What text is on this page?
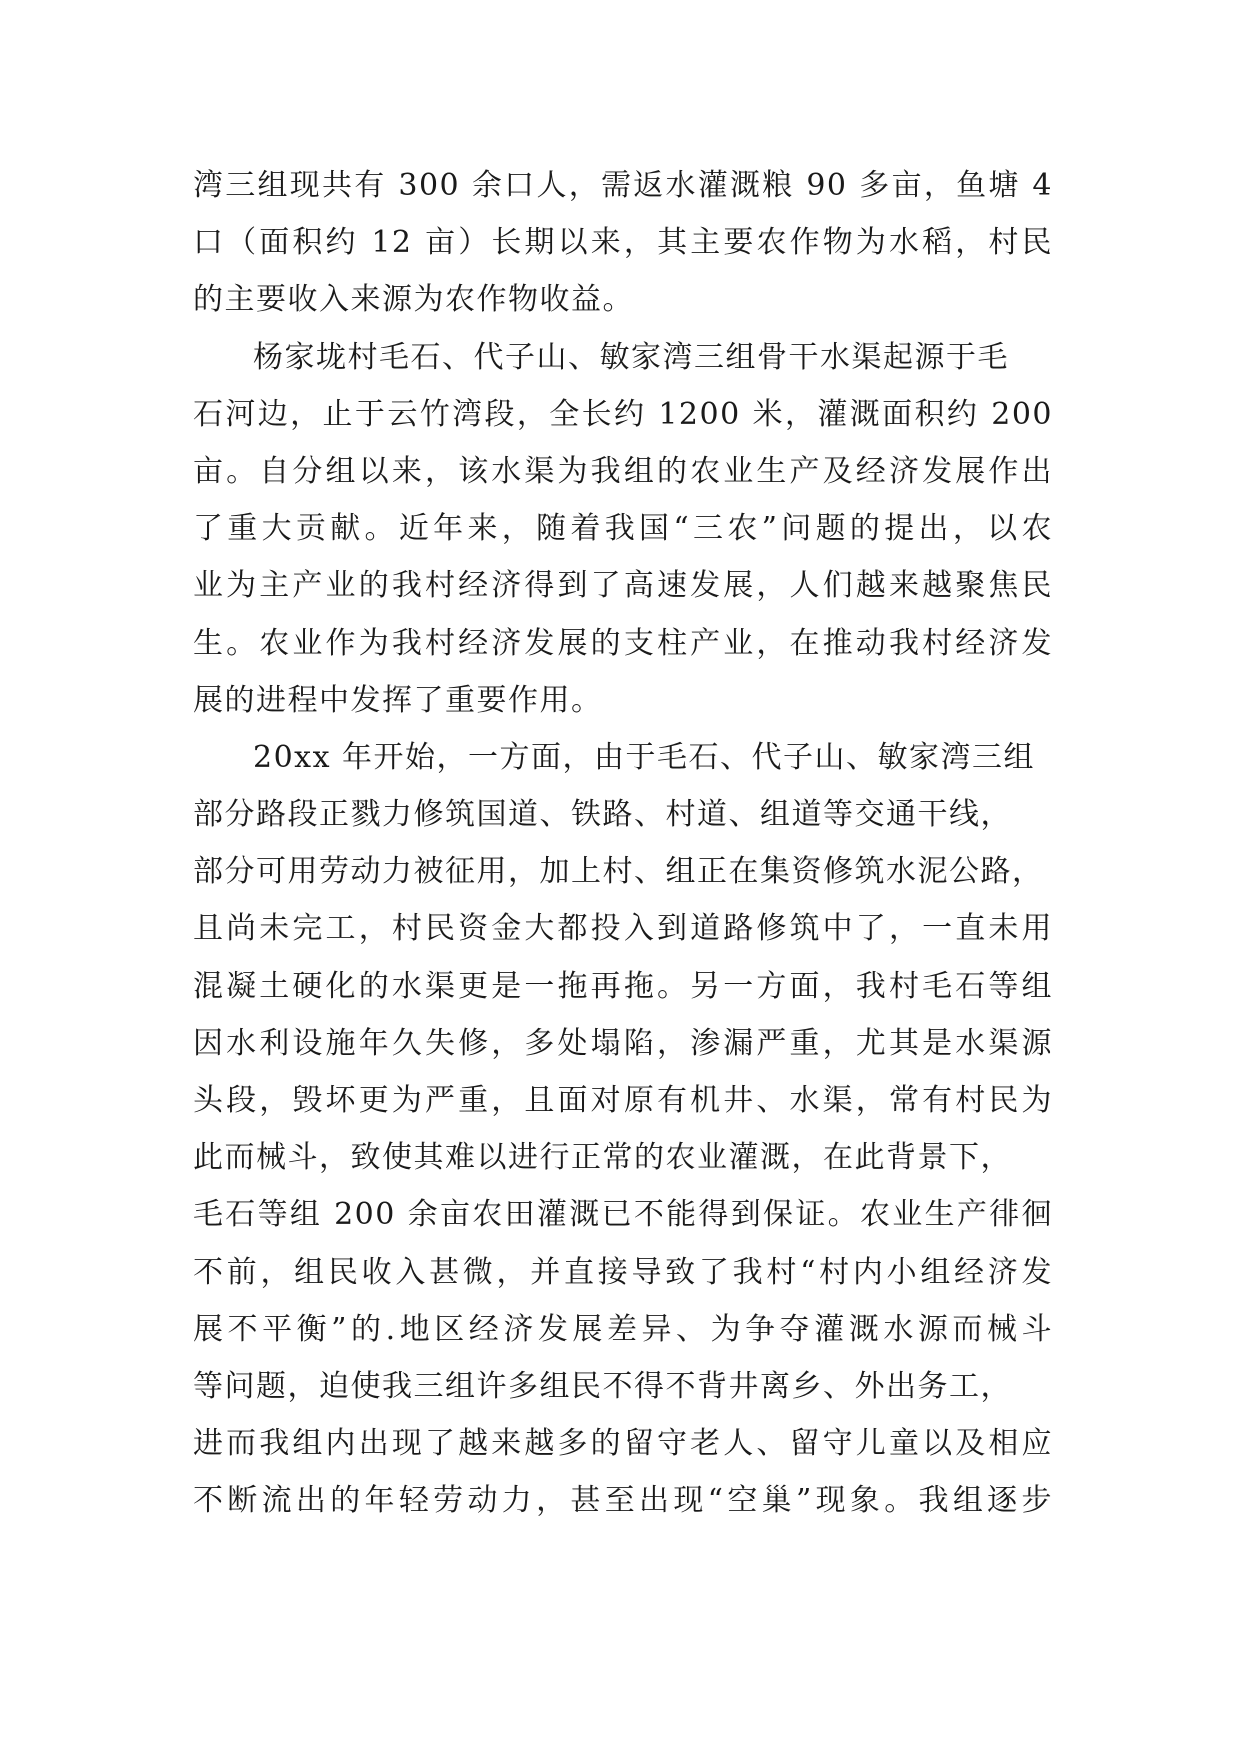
湾三组现共有 300 余口人，需返水灌溉粮 90 多亩，鱼塘 4
口（面积约 12 亩）长期以来，其主要农作物为水稻，村民
的主要收入来源为农作物收益。
杨家垅村毛石、代子山、敏家湾三组骨干水渠起源于毛
石河边，止于云竹湾段，全长约 1200 米，灌溉面积约 200
亩。自分组以来，该水渠为我组的农业生产及经济发展作出
了重大贡献。近年来，随着我国“三农”问题的提出，以农
业为主产业的我村经济得到了高速发展，人们越来越聚焦民
生。农业作为我村经济发展的支柱产业，在推动我村经济发
展的进程中发挥了重要作用。
20xx 年开始，一方面，由于毛石、代子山、敏家湾三组
部分路段正戮力修筑国道、铁路、村道、组道等交通干线，
部分可用劳动力被征用，加上村、组正在集资修筑水泥公路，
且尚未完工，村民资金大都投入到道路修筑中了，一直未用
混凝土硬化的水渠更是一拖再拖。另一方面，我村毛石等组
因水利设施年久失修，多处塌陷，渗漏严重，尤其是水渠源
头段，毁坏更为严重，且面对原有机井、水渠，常有村民为
此而械斗，致使其难以进行正常的农业灌溉，在此背景下，
毛石等组 200 余亩农田灌溉已不能得到保证。农业生产徘徊
不前，组民收入甚微，并直接导致了我村“村内小组经济发
展不平衡”的.地区经济发展差异、为争夺灌溉水源而械斗
等问题，迫使我三组许多组民不得不背井离乡、外出务工，
进而我组内出现了越来越多的留守老人、留守儿童以及相应
不断流出的年轻劳动力，甚至出现“空巢”现象。我组逐步
